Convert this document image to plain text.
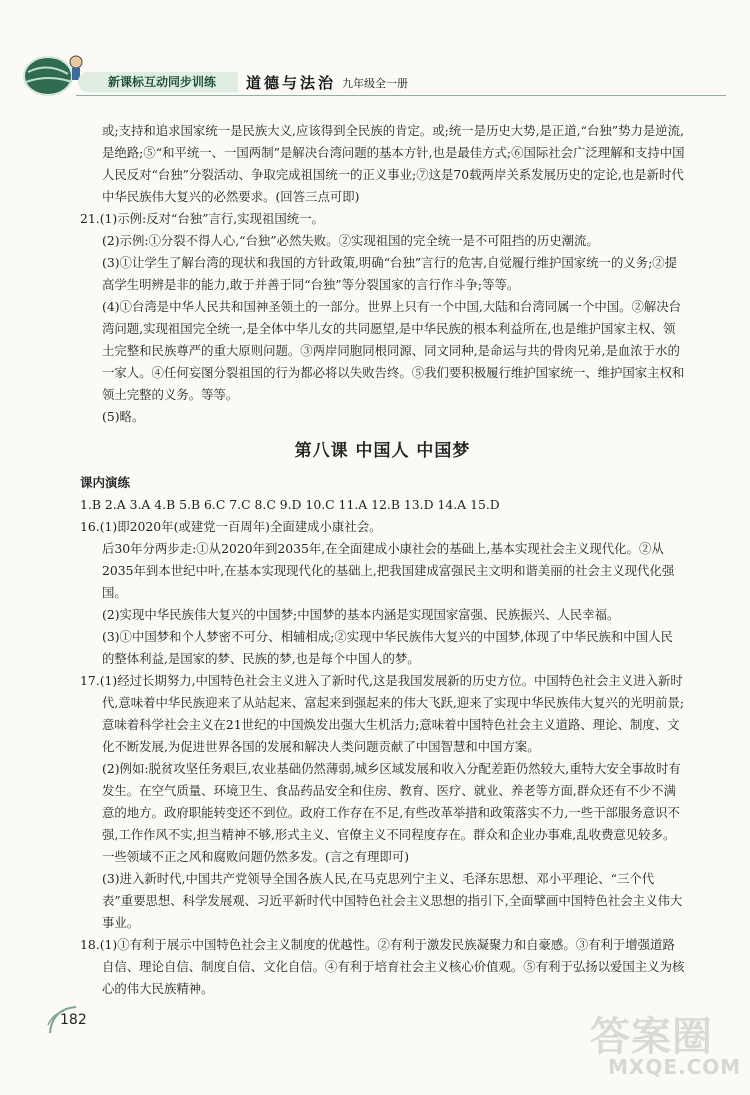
新课标互动同步训练	道德与法治 九年级全一册

或;支持和追求国家统一是民族大义,应该得到全民族的肯定。或;统一是历史大势,是正道,“台独”势力是逆流,是绝路;⑤“和平统一、一国两制”是解决台湾问题的基本方针,也是最佳方式;⑥国际社会广泛理解和支持中国人民反对“台独”分裂活动、争取完成祖国统一的正义事业;⑦这是70载两岸关系发展历史的定论,也是新时代中华民族伟大复兴的必然要求。(回答三点可即)

21.(1)示例:反对“台独”言行,实现祖国统一。

(2)示例:①分裂不得人心,“台独”必然失败。②实现祖国的完全统一是不可阻挡的历史潮流。

(3)①让学生了解台湾的现状和我国的方针政策,明确“台独”言行的危害,自觉履行维护国家统一的义务;②提高学生明辨是非的能力,敢于并善于同“台独”等分裂国家的言行作斗争;等等。

(4)①台湾是中华人民共和国神圣领土的一部分。世界上只有一个中国,大陆和台湾同属一个中国。②解决台湾问题,实现祖国完全统一,是全体中华儿女的共同愿望,是中华民族的根本利益所在,也是维护国家主权、领土完整和民族尊严的重大原则问题。③两岸同胞同根同源、同文同种,是命运与共的骨肉兄弟,是血浓于水的一家人。④任何妄图分裂祖国的行为都必将以失败告终。⑤我们要积极履行维护国家统一、维护国家主权和领土完整的义务。等等。

(5)略。

第八课 中国人 中国梦

课内演练

1.B 2.A 3.A 4.B 5.B 6.C 7.C 8.C 9.D 10.C 11.A 12.B 13.D 14.A 15.D

16.(1)即2020年(或建党一百周年)全面建成小康社会。

后30年分两步走:①从2020年到2035年,在全面建成小康社会的基础上,基本实现社会主义现代化。②从2035年到本世纪中叶,在基本实现现代化的基础上,把我国建成富强民主文明和谐美丽的社会主义现代化强国。

(2)实现中华民族伟大复兴的中国梦;中国梦的基本内涵是实现国家富强、民族振兴、人民幸福。

(3)①中国梦和个人梦密不可分、相辅相成;②实现中华民族伟大复兴的中国梦,体现了中华民族和中国人民的整体利益,是国家的梦、民族的梦,也是每个中国人的梦。

17.(1)经过长期努力,中国特色社会主义进入了新时代,这是我国发展新的历史方位。中国特色社会主义进入新时代,意味着中华民族迎来了从站起来、富起来到强起来的伟大飞跃,迎来了实现中华民族伟大复兴的光明前景;意味着科学社会主义在21世纪的中国焕发出强大生机活力;意味着中国特色社会主义道路、理论、制度、文化不断发展,为促进世界各国的发展和解决人类问题贡献了中国智慧和中国方案。

(2)例如:脱贫攻坚任务艰巨,农业基础仍然薄弱,城乡区域发展和收入分配差距仍然较大,重特大安全事故时有发生。在空气质量、环境卫生、食品药品安全和住房、教育、医疗、就业、养老等方面,群众还有不少不满意的地方。政府职能转变还不到位。政府工作存在不足,有些改革举措和政策落实不力,一些干部服务意识不强,工作作风不实,担当精神不够,形式主义、官僚主义不同程度存在。群众和企业办事难,乱收费意见较多。一些领域不正之风和腐败问题仍然多发。(言之有理即可)

(3)进入新时代,中国共产党领导全国各族人民,在马克思列宁主义、毛泽东思想、邓小平理论、“三个代表”重要思想、科学发展观、习近平新时代中国特色社会主义思想的指引下,全面擘画中国特色社会主义伟大事业。

18.(1)①有利于展示中国特色社会主义制度的优越性。②有利于激发民族凝聚力和自豪感。③有利于增强道路自信、理论自信、制度自信、文化自信。④有利于培育社会主义核心价值观。⑤有利于弘扬以爱国主义为核心的伟大民族精神。

182	答案圈
MXQE.COM
